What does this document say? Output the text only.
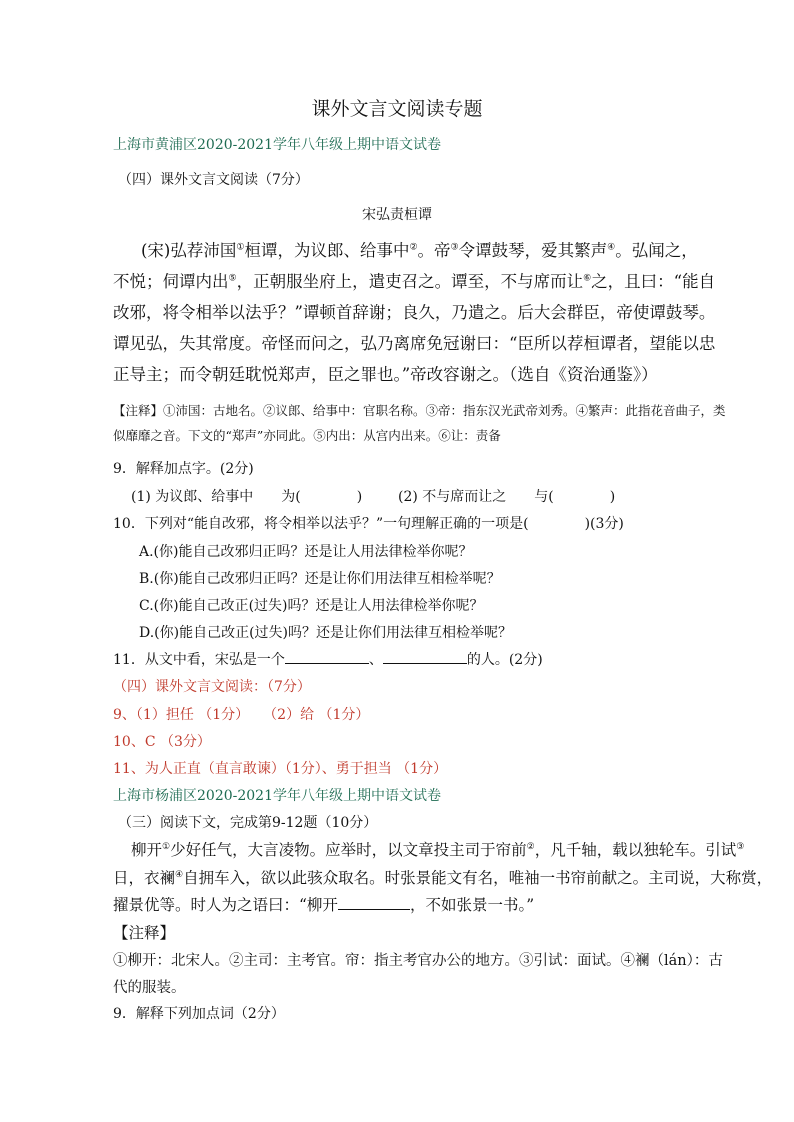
课外文言文阅读专题
上海市黄浦区2020-2021学年八年级上期中语文试卷
（四）课外文言文阅读（7分）
宋弘责桓谭
(宋)弘荐沛国①桓谭，为议郎、给事中②。帝③令谭鼓琴，爱其繁声④。弘闻之，
不悦；伺谭内出⑤，正朝服坐府上，遣吏召之。谭至，不与席而让⑥之，且曰：“能自
改邪，将令相举以法乎？”谭顿首辞谢；良久，乃遣之。后大会群臣，帝使谭鼓琴。
谭见弘，失其常度。帝怪而问之，弘乃离席免冠谢曰：“臣所以荐桓谭者，望能以忠
正导主；而令朝廷耽悦郑声，臣之罪也。”帝改容谢之。（选自《资治通鉴》）
【注释】①沛国：古地名。②议郎、给事中：官职名称。③帝：指东汉光武帝刘秀。④繁声：此指花音曲子，类
似靡靡之音。下文的“郑声”亦同此。⑤内出：从宫内出来。⑥让：责备
9．解释加点字。(2分)
(1) 为议郎、给事中　　为(　　　　)	(2) 不与席而让之　　与(　　　　)
10．下列对“能自改邪，将令相举以法乎？”一句理解正确的一项是(　　　　)(3分)
A.(你)能自己改邪归正吗？还是让人用法律检举你呢？
B.(你)能自己改邪归正吗？还是让你们用法律互相检举呢？
C.(你)能自己改正(过失)吗？还是让人用法律检举你呢？
D.(你)能自己改正(过失)吗？还是让你们用法律互相检举呢？
11．从文中看，宋弘是一个	、	的人。(2分)
（四）课外文言文阅读：（7分）
9、（1）担任 （1分）　　（2）给 （1分）
10、C （3分）
11、为人正直（直言敢谏）（1分）、勇于担当 （1分）
上海市杨浦区2020-2021学年八年级上期中语文试卷
（三）阅读下文，完成第9-12题（10分）
柳开①少好任气，大言凌物。应举时，以文章投主司于帘前②，凡千轴，载以独轮车。引试③
日，衣襕④自拥车入，欲以此骇众取名。时张景能文有名，唯袖一书帘前献之。主司说，大称赏，
擢景优等。时人为之语曰：“柳开	，不如张景一书。”
【注释】
①柳开：北宋人。②主司：主考官。帘：指主考官办公的地方。③引试：面试。④襕（lán）：古
代的服装。
9．解释下列加点词（2分）
